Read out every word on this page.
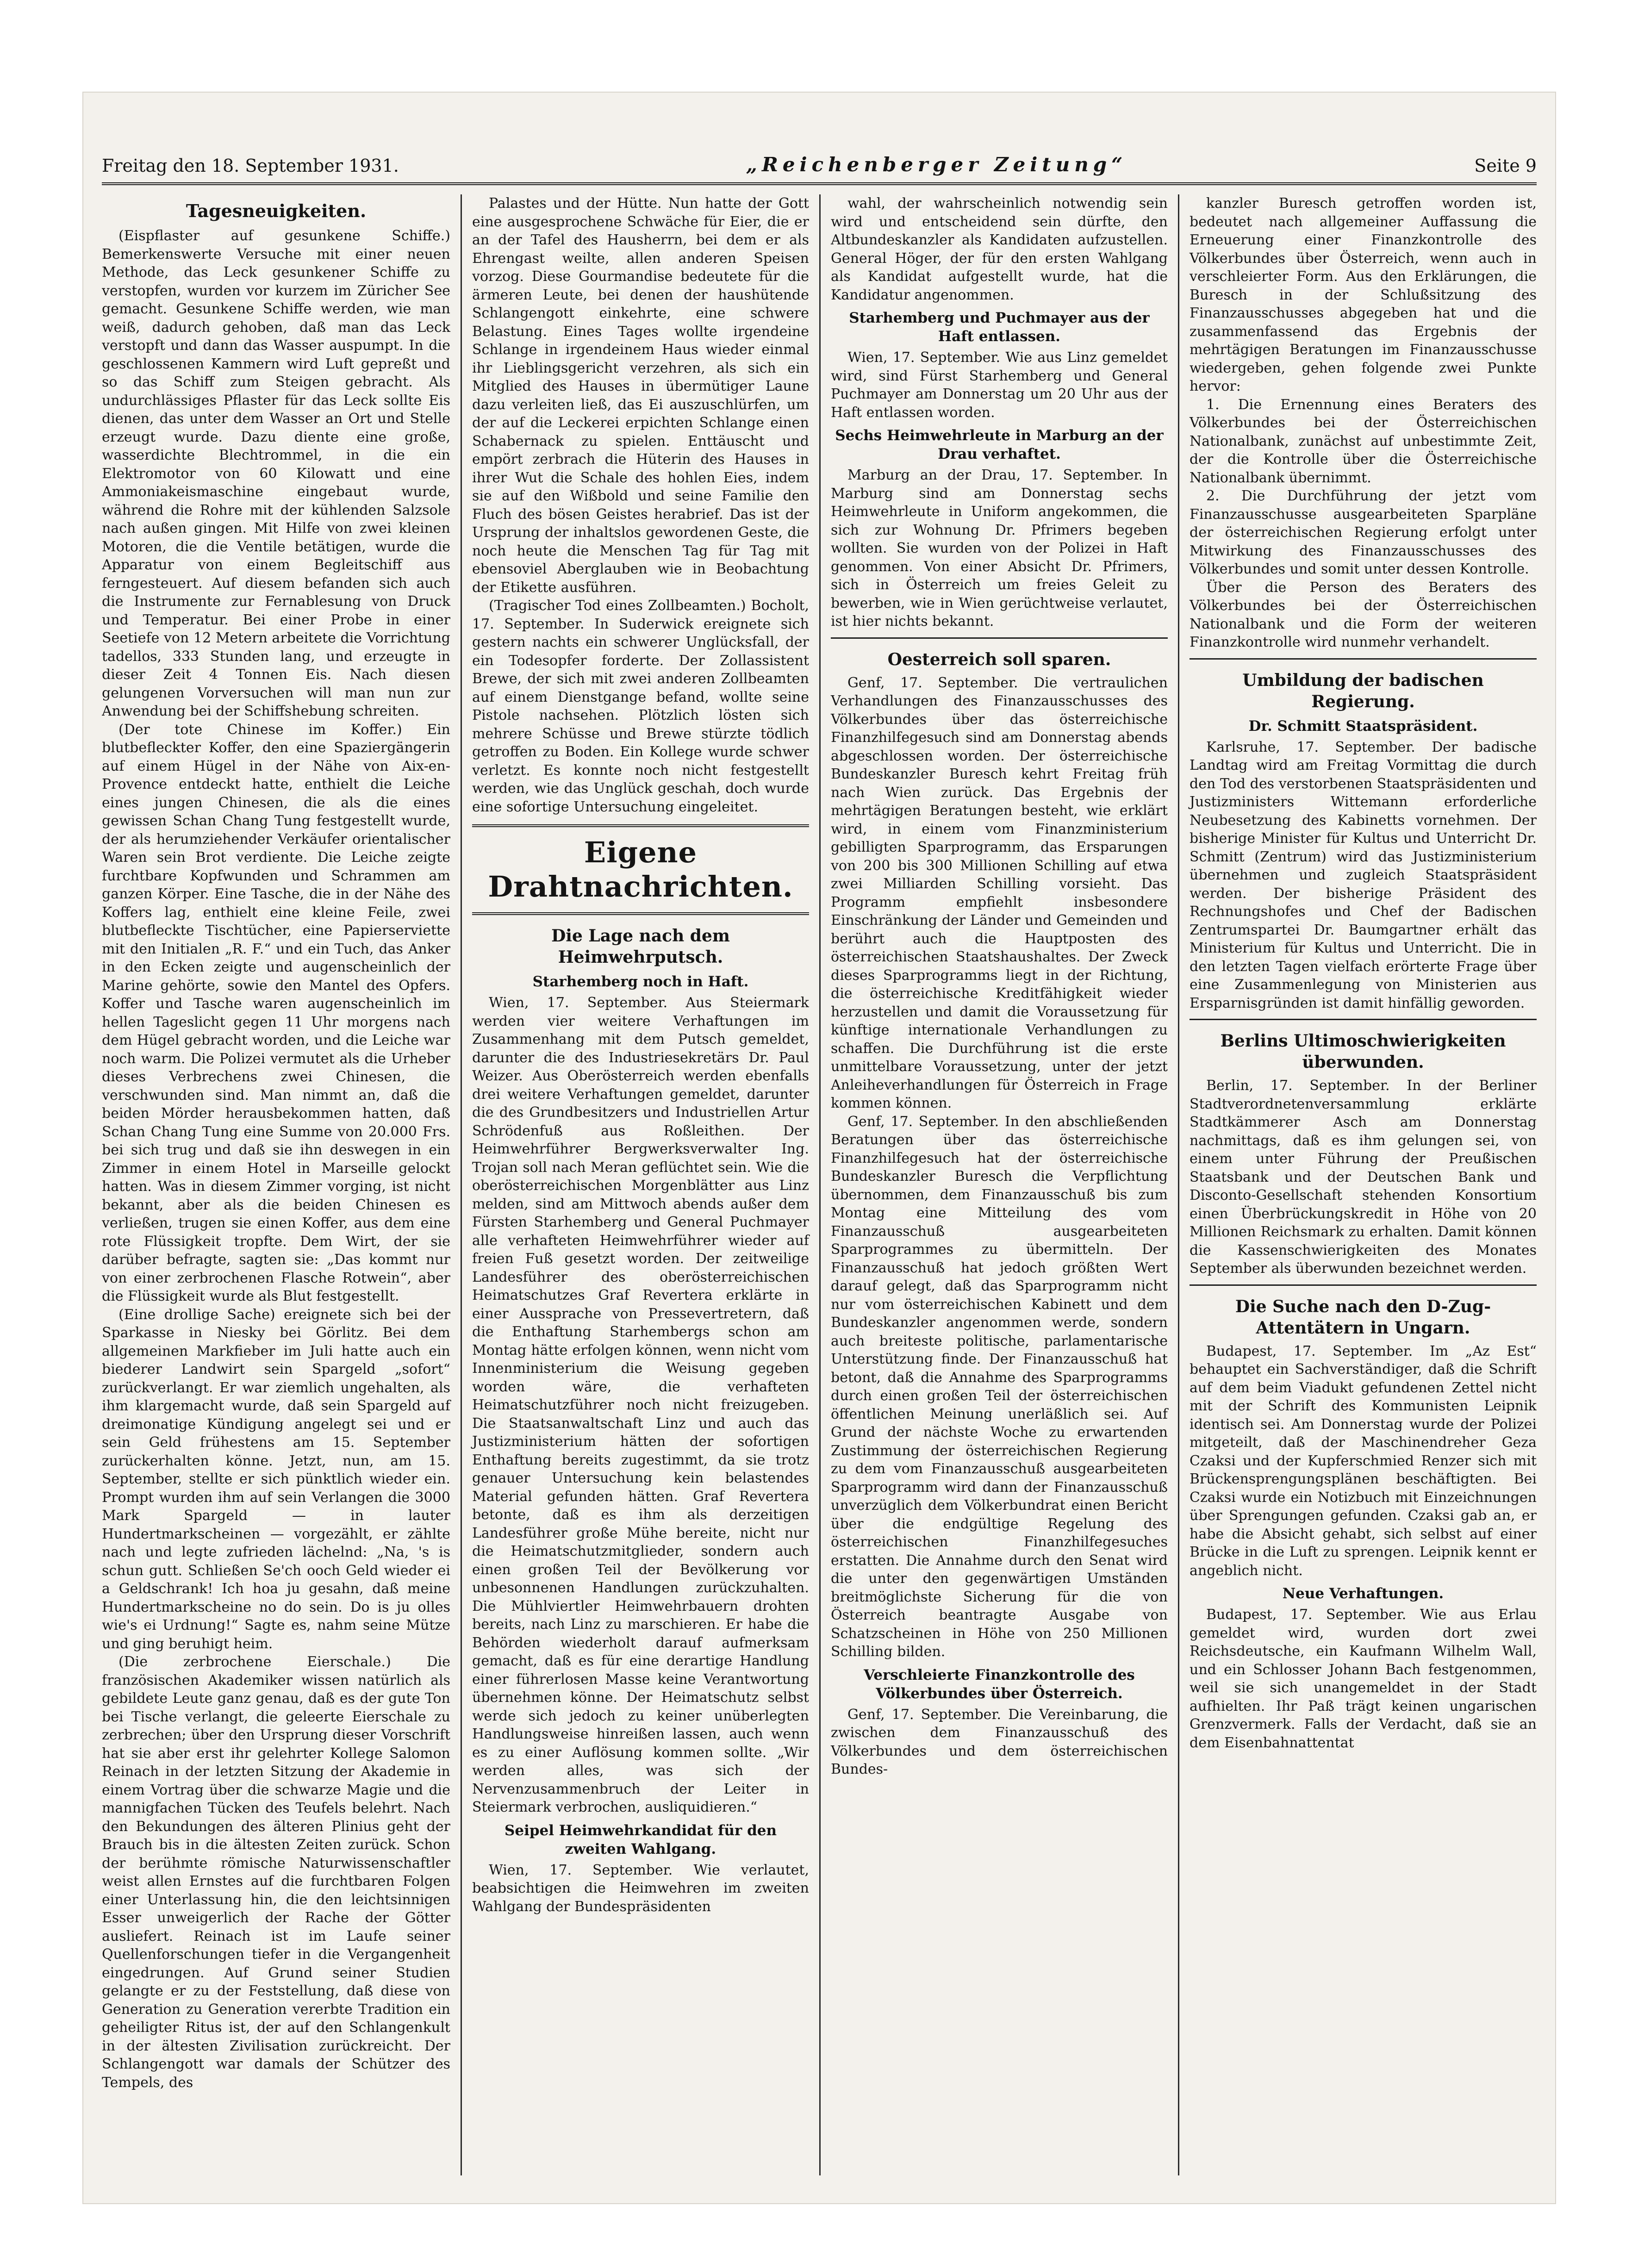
Freitag den 18. September 1931.	„Reichenberger Zeitung“	Seite 9
Tagesneuigkeiten.

(Eispflaster auf gesunkene Schiffe.) Bemerkenswerte Versuche mit einer neuen Methode, das Leck gesunkener Schiffe zu verstopfen, wurden vor kurzem im Züricher See gemacht. Gesunkene Schiffe werden, wie man weiß, dadurch gehoben, daß man das Leck verstopft und dann das Wasser auspumpt. In die geschlossenen Kammern wird Luft gepreßt und so das Schiff zum Steigen gebracht. Als undurchlässiges Pflaster für das Leck sollte Eis dienen, das unter dem Wasser an Ort und Stelle erzeugt wurde. Dazu diente eine große, wasserdichte Blechtrommel, in die ein Elektromotor von 60 Kilowatt und eine Ammoniakeismaschine eingebaut wurde, während die Rohre mit der kühlenden Salzsole nach außen gingen. Mit Hilfe von zwei kleinen Motoren, die die Ventile betätigen, wurde die Apparatur von einem Begleitschiff aus ferngesteuert. Auf diesem befanden sich auch die Instrumente zur Fernablesung von Druck und Temperatur. Bei einer Probe in einer Seetiefe von 12 Metern arbeitete die Vorrichtung tadellos, 333 Stunden lang, und erzeugte in dieser Zeit 4 Tonnen Eis. Nach diesen gelungenen Vorversuchen will man nun zur Anwendung bei der Schiffshebung schreiten.

(Der tote Chinese im Koffer.) Ein blutbefleckter Koffer, den eine Spaziergängerin auf einem Hügel in der Nähe von Aix-en-Provence entdeckt hatte, enthielt die Leiche eines jungen Chinesen, die als die eines gewissen Schan Chang Tung festgestellt wurde, der als herumziehender Verkäufer orientalischer Waren sein Brot verdiente. Die Leiche zeigte furchtbare Kopfwunden und Schrammen am ganzen Körper. Eine Tasche, die in der Nähe des Koffers lag, enthielt eine kleine Feile, zwei blutbefleckte Tischtücher, eine Papierserviette mit den Initialen „R. F.“ und ein Tuch, das Anker in den Ecken zeigte und augenscheinlich der Marine gehörte, sowie den Mantel des Opfers. Koffer und Tasche waren augenscheinlich im hellen Tageslicht gegen 11 Uhr morgens nach dem Hügel gebracht worden, und die Leiche war noch warm. Die Polizei vermutet als die Urheber dieses Verbrechens zwei Chinesen, die verschwunden sind. Man nimmt an, daß die beiden Mörder herausbekommen hatten, daß Schan Chang Tung eine Summe von 20.000 Frs. bei sich trug und daß sie ihn deswegen in ein Zimmer in einem Hotel in Marseille gelockt hatten. Was in diesem Zimmer vorging, ist nicht bekannt, aber als die beiden Chinesen es verließen, trugen sie einen Koffer, aus dem eine rote Flüssigkeit tropfte. Dem Wirt, der sie darüber befragte, sagten sie: „Das kommt nur von einer zerbrochenen Flasche Rotwein“, aber die Flüssigkeit wurde als Blut festgestellt.

(Eine drollige Sache) ereignete sich bei der Sparkasse in Niesky bei Görlitz. Bei dem allgemeinen Markfieber im Juli hatte auch ein biederer Landwirt sein Spargeld „sofort“ zurückverlangt. Er war ziemlich ungehalten, als ihm klargemacht wurde, daß sein Spargeld auf dreimonatige Kündigung angelegt sei und er sein Geld frühestens am 15. September zurückerhalten könne. Jetzt, nun, am 15. September, stellte er sich pünktlich wieder ein. Prompt wurden ihm auf sein Verlangen die 3000 Mark Spargeld — in lauter Hundertmarkscheinen — vorgezählt, er zählte nach und legte zufrieden lächelnd: „Na, 's is schun gutt. Schließen Se'ch ooch Geld wieder ei a Geldschrank! Ich hoa ju gesahn, daß meine Hundertmarkscheine no do sein. Do is ju olles wie's ei Urdnung!“ Sagte es, nahm seine Mütze und ging beruhigt heim.

(Die zerbrochene Eierschale.) Die französischen Akademiker wissen natürlich als gebildete Leute ganz genau, daß es der gute Ton bei Tische verlangt, die geleerte Eierschale zu zerbrechen; über den Ursprung dieser Vorschrift hat sie aber erst ihr gelehrter Kollege Salomon Reinach in der letzten Sitzung der Akademie in einem Vortrag über die schwarze Magie und die mannigfachen Tücken des Teufels belehrt. Nach den Bekundungen des älteren Plinius geht der Brauch bis in die ältesten Zeiten zurück. Schon der berühmte römische Naturwissenschaftler weist allen Ernstes auf die furchtbaren Folgen einer Unterlassung hin, die den leichtsinnigen Esser unweigerlich der Rache der Götter ausliefert. Reinach ist im Laufe seiner Quellenforschungen tiefer in die Vergangenheit eingedrungen. Auf Grund seiner Studien gelangte er zu der Feststellung, daß diese von Generation zu Generation vererbte Tradition ein geheiligter Ritus ist, der auf den Schlangenkult in der ältesten Zivilisation zurückreicht. Der Schlangengott war damals der Schützer des Tempels, des

Palastes und der Hütte. Nun hatte der Gott eine ausgesprochene Schwäche für Eier, die er an der Tafel des Hausherrn, bei dem er als Ehrengast weilte, allen anderen Speisen vorzog. Diese Gourmandise bedeutete für die ärmeren Leute, bei denen der haushütende Schlangengott einkehrte, eine schwere Belastung. Eines Tages wollte irgendeine Schlange in irgendeinem Haus wieder einmal ihr Lieblingsgericht verzehren, als sich ein Mitglied des Hauses in übermütiger Laune dazu verleiten ließ, das Ei auszuschlürfen, um der auf die Leckerei erpichten Schlange einen Schabernack zu spielen. Enttäuscht und empört zerbrach die Hüterin des Hauses in ihrer Wut die Schale des hohlen Eies, indem sie auf den Wißbold und seine Familie den Fluch des bösen Geistes herabrief. Das ist der Ursprung der inhaltslos gewordenen Geste, die noch heute die Menschen Tag für Tag mit ebensoviel Aberglauben wie in Beobachtung der Etikette ausführen.

(Tragischer Tod eines Zollbeamten.) Bocholt, 17. September. In Suderwick ereignete sich gestern nachts ein schwerer Unglücksfall, der ein Todesopfer forderte. Der Zollassistent Brewe, der sich mit zwei anderen Zollbeamten auf einem Dienstgange befand, wollte seine Pistole nachsehen. Plötzlich lösten sich mehrere Schüsse und Brewe stürzte tödlich getroffen zu Boden. Ein Kollege wurde schwer verletzt. Es konnte noch nicht festgestellt werden, wie das Unglück geschah, doch wurde eine sofortige Untersuchung eingeleitet.

Eigene Drahtnachrichten.
Die Lage nach dem Heimwehrputsch.
Starhemberg noch in Haft.

Wien, 17. September. Aus Steiermark werden vier weitere Verhaftungen im Zusammenhang mit dem Putsch gemeldet, darunter die des Industriesekretärs Dr. Paul Weizer. Aus Oberösterreich werden ebenfalls drei weitere Verhaftungen gemeldet, darunter die des Grundbesitzers und Industriellen Artur Schrödenfuß aus Roßleithen. Der Heimwehrführer Bergwerksverwalter Ing. Trojan soll nach Meran geflüchtet sein. Wie die oberösterreichischen Morgenblätter aus Linz melden, sind am Mittwoch abends außer dem Fürsten Starhemberg und General Puchmayer alle verhafteten Heimwehrführer wieder auf freien Fuß gesetzt worden. Der zeitweilige Landesführer des oberösterreichischen Heimatschutzes Graf Revertera erklärte in einer Aussprache von Pressevertretern, daß die Enthaftung Starhembergs schon am Montag hätte erfolgen können, wenn nicht vom Innenministerium die Weisung gegeben worden wäre, die verhafteten Heimatschutzführer noch nicht freizugeben. Die Staatsanwaltschaft Linz und auch das Justizministerium hätten der sofortigen Enthaftung bereits zugestimmt, da sie trotz genauer Untersuchung kein belastendes Material gefunden hätten. Graf Revertera betonte, daß es ihm als derzeitigen Landesführer große Mühe bereite, nicht nur die Heimatschutzmitglieder, sondern auch einen großen Teil der Bevölkerung vor unbesonnenen Handlungen zurückzuhalten. Die Mühlviertler Heimwehrbauern drohten bereits, nach Linz zu marschieren. Er habe die Behörden wiederholt darauf aufmerksam gemacht, daß es für eine derartige Handlung einer führerlosen Masse keine Verantwortung übernehmen könne. Der Heimatschutz selbst werde sich jedoch zu keiner unüberlegten Handlungsweise hinreißen lassen, auch wenn es zu einer Auflösung kommen sollte. „Wir werden alles, was sich der Nervenzusammenbruch der Leiter in Steiermark verbrochen, ausliquidieren.“

Seipel Heimwehrkandidat für den zweiten Wahlgang.

Wien, 17. September. Wie verlautet, beabsichtigen die Heimwehren im zweiten Wahlgang der Bundespräsidenten

wahl, der wahrscheinlich notwendig sein wird und entscheidend sein dürfte, den Altbundeskanzler als Kandidaten aufzustellen. General Höger, der für den ersten Wahlgang als Kandidat aufgestellt wurde, hat die Kandidatur angenommen.

Starhemberg und Puchmayer aus der Haft entlassen.

Wien, 17. September. Wie aus Linz gemeldet wird, sind Fürst Starhemberg und General Puchmayer am Donnerstag um 20 Uhr aus der Haft entlassen worden.

Sechs Heimwehrleute in Marburg an der Drau verhaftet.

Marburg an der Drau, 17. September. In Marburg sind am Donnerstag sechs Heimwehrleute in Uniform angekommen, die sich zur Wohnung Dr. Pfrimers begeben wollten. Sie wurden von der Polizei in Haft genommen. Von einer Absicht Dr. Pfrimers, sich in Österreich um freies Geleit zu bewerben, wie in Wien gerüchtweise verlautet, ist hier nichts bekannt.

Oesterreich soll sparen.

Genf, 17. September. Die vertraulichen Verhandlungen des Finanzausschusses des Völkerbundes über das österreichische Finanzhilfegesuch sind am Donnerstag abends abgeschlossen worden. Der österreichische Bundeskanzler Buresch kehrt Freitag früh nach Wien zurück. Das Ergebnis der mehrtägigen Beratungen besteht, wie erklärt wird, in einem vom Finanzministerium gebilligten Sparprogramm, das Ersparungen von 200 bis 300 Millionen Schilling auf etwa zwei Milliarden Schilling vorsieht. Das Programm empfiehlt insbesondere Einschränkung der Länder und Gemeinden und berührt auch die Hauptposten des österreichischen Staatshaushaltes. Der Zweck dieses Sparprogramms liegt in der Richtung, die österreichische Kreditfähigkeit wieder herzustellen und damit die Voraussetzung für künftige internationale Verhandlungen zu schaffen. Die Durchführung ist die erste unmittelbare Voraussetzung, unter der jetzt Anleiheverhandlungen für Österreich in Frage kommen können.

Genf, 17. September. In den abschließenden Beratungen über das österreichische Finanzhilfegesuch hat der österreichische Bundeskanzler Buresch die Verpflichtung übernommen, dem Finanzausschuß bis zum Montag eine Mitteilung des vom Finanzausschuß ausgearbeiteten Sparprogrammes zu übermitteln. Der Finanzausschuß hat jedoch größten Wert darauf gelegt, daß das Sparprogramm nicht nur vom österreichischen Kabinett und dem Bundeskanzler angenommen werde, sondern auch breiteste politische, parlamentarische Unterstützung finde. Der Finanzausschuß hat betont, daß die Annahme des Sparprogramms durch einen großen Teil der österreichischen öffentlichen Meinung unerläßlich sei. Auf Grund der nächste Woche zu erwartenden Zustimmung der österreichischen Regierung zu dem vom Finanzausschuß ausgearbeiteten Sparprogramm wird dann der Finanzausschuß unverzüglich dem Völkerbundrat einen Bericht über die endgültige Regelung des österreichischen Finanzhilfegesuches erstatten. Die Annahme durch den Senat wird die unter den gegenwärtigen Umständen breitmöglichste Sicherung für die von Österreich beantragte Ausgabe von Schatzscheinen in Höhe von 250 Millionen Schilling bilden.

Verschleierte Finanzkontrolle des Völkerbundes über Österreich.

Genf, 17. September. Die Vereinbarung, die zwischen dem Finanzausschuß des Völkerbundes und dem österreichischen Bundes-

kanzler Buresch getroffen worden ist, bedeutet nach allgemeiner Auffassung die Erneuerung einer Finanzkontrolle des Völkerbundes über Österreich, wenn auch in verschleierter Form. Aus den Erklärungen, die Buresch in der Schlußsitzung des Finanzausschusses abgegeben hat und die zusammenfassend das Ergebnis der mehrtägigen Beratungen im Finanzausschusse wiedergeben, gehen folgende zwei Punkte hervor:

1. Die Ernennung eines Beraters des Völkerbundes bei der Österreichischen Nationalbank, zunächst auf unbestimmte Zeit, der die Kontrolle über die Österreichische Nationalbank übernimmt.

2. Die Durchführung der jetzt vom Finanzausschusse ausgearbeiteten Sparpläne der österreichischen Regierung erfolgt unter Mitwirkung des Finanzausschusses des Völkerbundes und somit unter dessen Kontrolle.

Über die Person des Beraters des Völkerbundes bei der Österreichischen Nationalbank und die Form der weiteren Finanzkontrolle wird nunmehr verhandelt.

Umbildung der badischen Regierung.
Dr. Schmitt Staatspräsident.

Karlsruhe, 17. September. Der badische Landtag wird am Freitag Vormittag die durch den Tod des verstorbenen Staatspräsidenten und Justizministers Wittemann erforderliche Neubesetzung des Kabinetts vornehmen. Der bisherige Minister für Kultus und Unterricht Dr. Schmitt (Zentrum) wird das Justizministerium übernehmen und zugleich Staatspräsident werden. Der bisherige Präsident des Rechnungshofes und Chef der Badischen Zentrumspartei Dr. Baumgartner erhält das Ministerium für Kultus und Unterricht. Die in den letzten Tagen vielfach erörterte Frage über eine Zusammenlegung von Ministerien aus Ersparnisgründen ist damit hinfällig geworden.

Berlins Ultimoschwierigkeiten überwunden.

Berlin, 17. September. In der Berliner Stadtverordnetenversammlung erklärte Stadtkämmerer Asch am Donnerstag nachmittags, daß es ihm gelungen sei, von einem unter Führung der Preußischen Staatsbank und der Deutschen Bank und Disconto-Gesellschaft stehenden Konsortium einen Überbrückungskredit in Höhe von 20 Millionen Reichsmark zu erhalten. Damit können die Kassenschwierigkeiten des Monates September als überwunden bezeichnet werden.

Die Suche nach den D-Zug-Attentätern in Ungarn.

Budapest, 17. September. Im „Az Est“ behauptet ein Sachverständiger, daß die Schrift auf dem beim Viadukt gefundenen Zettel nicht mit der Schrift des Kommunisten Leipnik identisch sei. Am Donnerstag wurde der Polizei mitgeteilt, daß der Maschinendreher Geza Czaksi und der Kupferschmied Renzer sich mit Brückensprengungsplänen beschäftigten. Bei Czaksi wurde ein Notizbuch mit Einzeichnungen über Sprengungen gefunden. Czaksi gab an, er habe die Absicht gehabt, sich selbst auf einer Brücke in die Luft zu sprengen. Leipnik kennt er angeblich nicht.

Neue Verhaftungen.

Budapest, 17. September. Wie aus Erlau gemeldet wird, wurden dort zwei Reichsdeutsche, ein Kaufmann Wilhelm Wall, und ein Schlosser Johann Bach festgenommen, weil sie sich unangemeldet in der Stadt aufhielten. Ihr Paß trägt keinen ungarischen Grenzvermerk. Falls der Verdacht, daß sie an dem Eisenbahnattentat
